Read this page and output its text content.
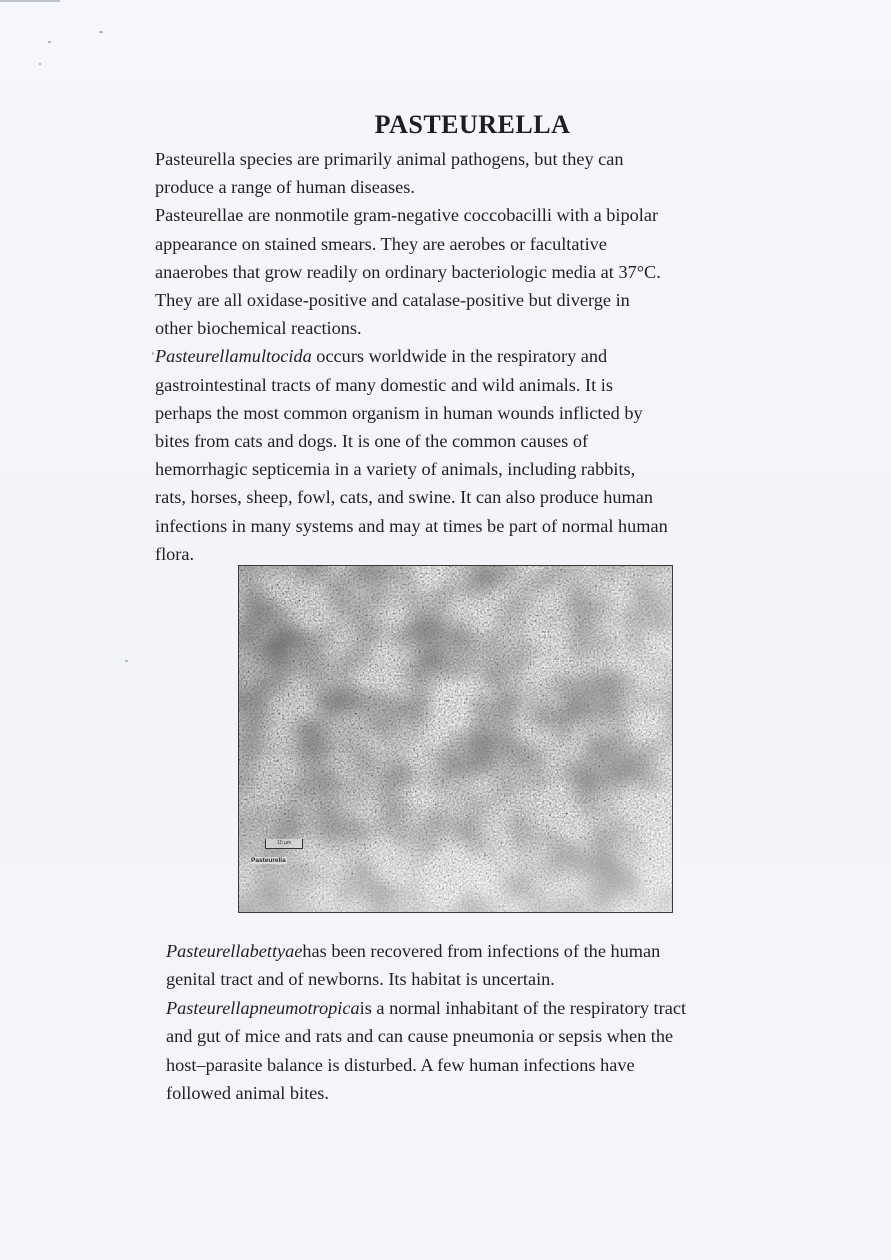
PASTEURELLA
Pasteurella species are primarily animal pathogens, but they can
produce a range of human diseases.
Pasteurellae are nonmotile gram-negative coccobacilli with a bipolar
appearance on stained smears. They are aerobes or facultative
anaerobes that grow readily on ordinary bacteriologic media at 37°C.
They are all oxidase-positive and catalase-positive but diverge in
other biochemical reactions.
Pasteurellamultocida occurs worldwide in the respiratory and
gastrointestinal tracts of many domestic and wild animals. It is
perhaps the most common organism in human wounds inflicted by
bites from cats and dogs. It is one of the common causes of
hemorrhagic septicemia in a variety of animals, including rabbits,
rats, horses, sheep, fowl, cats, and swine. It can also produce human
infections in many systems and may at times be part of normal human
flora.
10 µm
Pasteurella
Pasteurellabettyaehas been recovered from infections of the human
genital tract and of newborns. Its habitat is uncertain.
Pasteurellapneumotropicais a normal inhabitant of the respiratory tract
and gut of mice and rats and can cause pneumonia or sepsis when the
host–parasite balance is disturbed. A few human infections have
followed animal bites.
